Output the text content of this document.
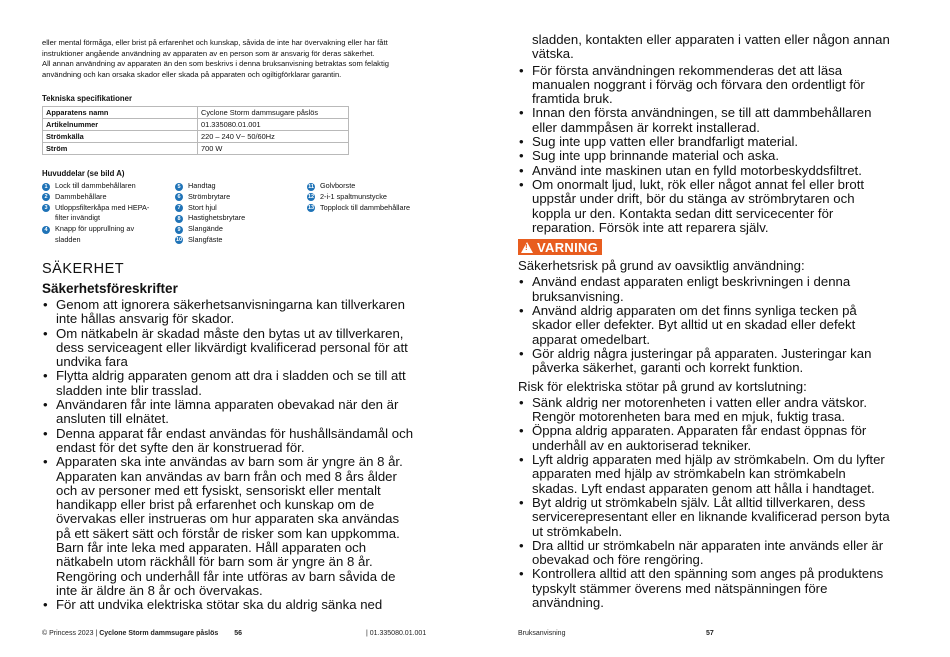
eller mental förmåga, eller brist på erfarenhet och kunskap, såvida de inte har övervakning eller har fått

instruktioner angående användning av apparaten av en person som är ansvarig för deras säkerhet.

All annan användning av apparaten än den som beskrivs i denna bruksanvisning betraktas som felaktig

användning och kan orsaka skador eller skada på apparaten och ogiltigförklarar garantin.

Tekniska specifikationer
Apparatens namn	Cyclone Storm dammsugare påslös
Artikelnummer	01.335080.01.001
Strömkälla	220 – 240 V~ 50/60Hz
Ström	700 W
Huvuddelar (se bild A)
1	Lock till dammbehållaren
2	Dammbehållare
3	Utloppsfilterkåpa med HEPA-
filter invändigt
4	Knapp för upprullning av
sladden
5	Handtag
6	Strömbrytare
7	Stort hjul
8	Hastighetsbrytare
9	Slangände
10 Slangfäste
11 Golvborste
12 2-i-1 spaltmunstycke
13 Topplock till dammbehållare
SÄKERHET
Säkerhetsföreskrifter
• Genom att ignorera säkerhetsanvisningarna kan tillverkaren
inte hållas ansvarig för skador.
• Om nätkabeln är skadad måste den bytas ut av tillverkaren,
dess serviceagent eller likvärdigt kvalificerad personal för att
undvika fara
• Flytta aldrig apparaten genom att dra i sladden och se till att
sladden inte blir trasslad.
• Användaren får inte lämna apparaten obevakad när den är
ansluten till elnätet.
• Denna apparat får endast användas för hushållsändamål och
endast för det syfte den är konstruerad för.
• Apparaten ska inte användas av barn som är yngre än 8 år.
Apparaten kan användas av barn från och med 8 års ålder
och av personer med ett fysiskt, sensoriskt eller mentalt
handikapp eller brist på erfarenhet och kunskap om de
övervakas eller instrueras om hur apparaten ska användas
på ett säkert sätt och förstår de risker som kan uppkomma.
Barn får inte leka med apparaten. Håll apparaten och
nätkabeln utom räckhåll för barn som är yngre än 8 år.
Rengöring och underhåll får inte utföras av barn såvida de
inte är äldre än 8 år och övervakas.
• För att undvika elektriska stötar ska du aldrig sänka ned
sladden, kontakten eller apparaten i vatten eller någon annan
vätska.
• För första användningen rekommenderas det att läsa
manualen noggrant i förväg och förvara den ordentligt för
framtida bruk.
• Innan den första användningen, se till att dammbehållaren
eller dammpåsen är korrekt installerad.
• Sug inte upp vatten eller brandfarligt material.
• Sug inte upp brinnande material och aska.
• Använd inte maskinen utan en fylld motorbeskyddsfiltret.
• Om onormalt ljud, lukt, rök eller något annat fel eller brott
uppstår under drift, bör du stänga av strömbrytaren och
koppla ur den. Kontakta sedan ditt servicecenter för
reparation. Försök inte att reparera själv.
! VARNING
Säkerhetsrisk på grund av oavsiktlig användning:
• Använd endast apparaten enligt beskrivningen i denna
bruksanvisning.
• Använd aldrig apparaten om det finns synliga tecken på
skador eller defekter. Byt alltid ut en skadad eller defekt
apparat omedelbart.
• Gör aldrig några justeringar på apparaten. Justeringar kan
påverka säkerhet, garanti och korrekt funktion.
Risk för elektriska stötar på grund av kortslutning:
• Sänk aldrig ner motorenheten i vatten eller andra vätskor.
Rengör motorenheten bara med en mjuk, fuktig trasa.
• Öppna aldrig apparaten. Apparaten får endast öppnas för
underhåll av en auktoriserad tekniker.
• Lyft aldrig apparaten med hjälp av strömkabeln. Om du lyfter
apparaten med hjälp av strömkabeln kan strömkabeln
skadas. Lyft endast apparaten genom att hålla i handtaget.
• Byt aldrig ut strömkabeln själv. Låt alltid tillverkaren, dess
servicerepresentant eller en liknande kvalificerad person byta
ut strömkabeln.
• Dra alltid ur strömkabeln när apparaten inte används eller är
obevakad och före rengöring.
• Kontrollera alltid att den spänning som anges på produktens
typskylt stämmer överens med nätspänningen före
användning.
© Princess 2023 | Cyclone Storm dammsugare påslös 56	| 01.335080.01.001	Bruksanvisning	57
